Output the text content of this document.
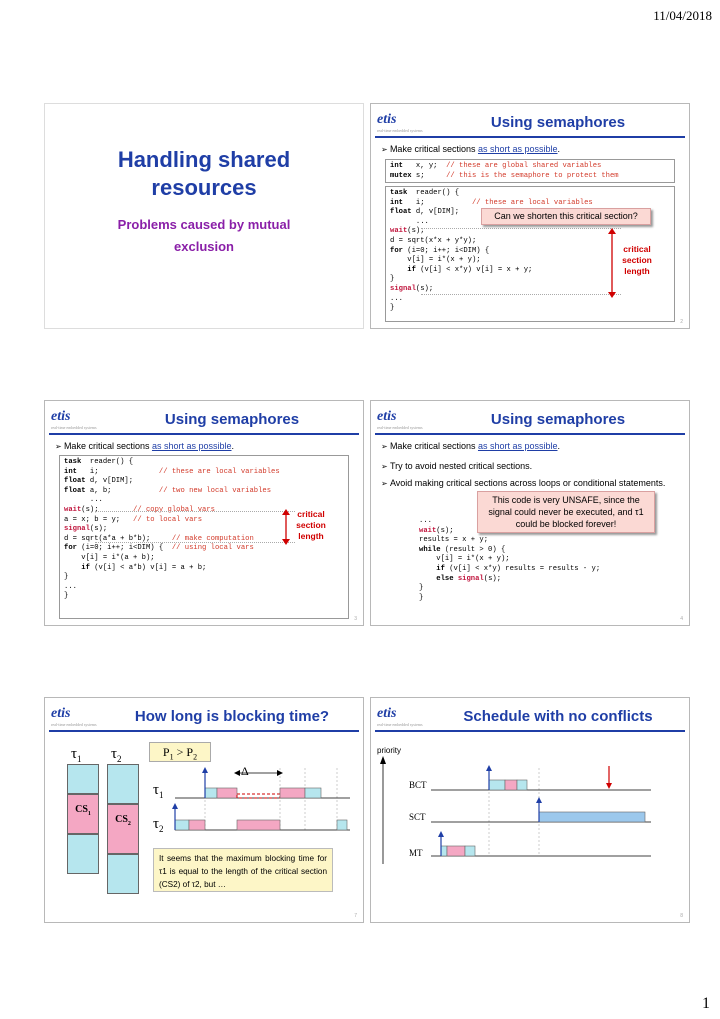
11/04/2018
Handling shared resources
Problems caused by mutual exclusion
etis
real-time embedded systems	Using semaphores
➢ Make critical sections as short as possible.
int   x, y;  // these are global shared variables
mutex s;     // this is the semaphore to protect them
task  reader() {
int   i;           // these are local variables
float d, v[DIM];
...
wait(s);
d = sqrt(x*x + y*y);
for (i=0; i++; i<DIM) {
v[i] = i*(x + y);
if (v[i] < x*y) v[i] = x + y;
}
signal(s);
...
}
Can we shorten this critical section?
critical section length
2
etis
real-time embedded systems	Using semaphores
➢ Make critical sections as short as possible.
task  reader() {
int   i;              // these are local variables
float d, v[DIM];
float a, b;           // two new local variables
...
wait(s);        // copy global vars
a = x; b = y;   // to local vars
signal(s);
d = sqrt(a*a + b*b);     // make computation
for (i=0; i++; i<DIM) {  // using local vars
v[i] = i*(a + b);
if (v[i] < a*b) v[i] = a + b;
}
...
}
critical section length
3
etis
real-time embedded systems	Using semaphores
➢ Make critical sections as short as possible.
➢ Try to avoid nested critical sections.
➢ Avoid making critical sections across loops or conditional statements.
...
wait(s);
results = x + y;
while (result > 0) {
v[i] = i*(x + y);
if (v[i] < x*y) results = results - y;
else signal(s);
}
}
This code is very UNSAFE, since the signal could never be executed, and τ1 could be blocked forever!
4
etis
real-time embedded systems	How long is blocking time?
$\tau_1$ $\tau_2$	$P_1 > P_2$
$CS_1$	$CS_2$
$\tau_1$
$\tau_2$
Δ
It seems that the maximum blocking time for τ1 is equal to the length of the critical section (CS2) of τ2, but …
7
etis
real-time embedded systems	Schedule with no conflicts
priority
BCT
SCT
MT
8
1
